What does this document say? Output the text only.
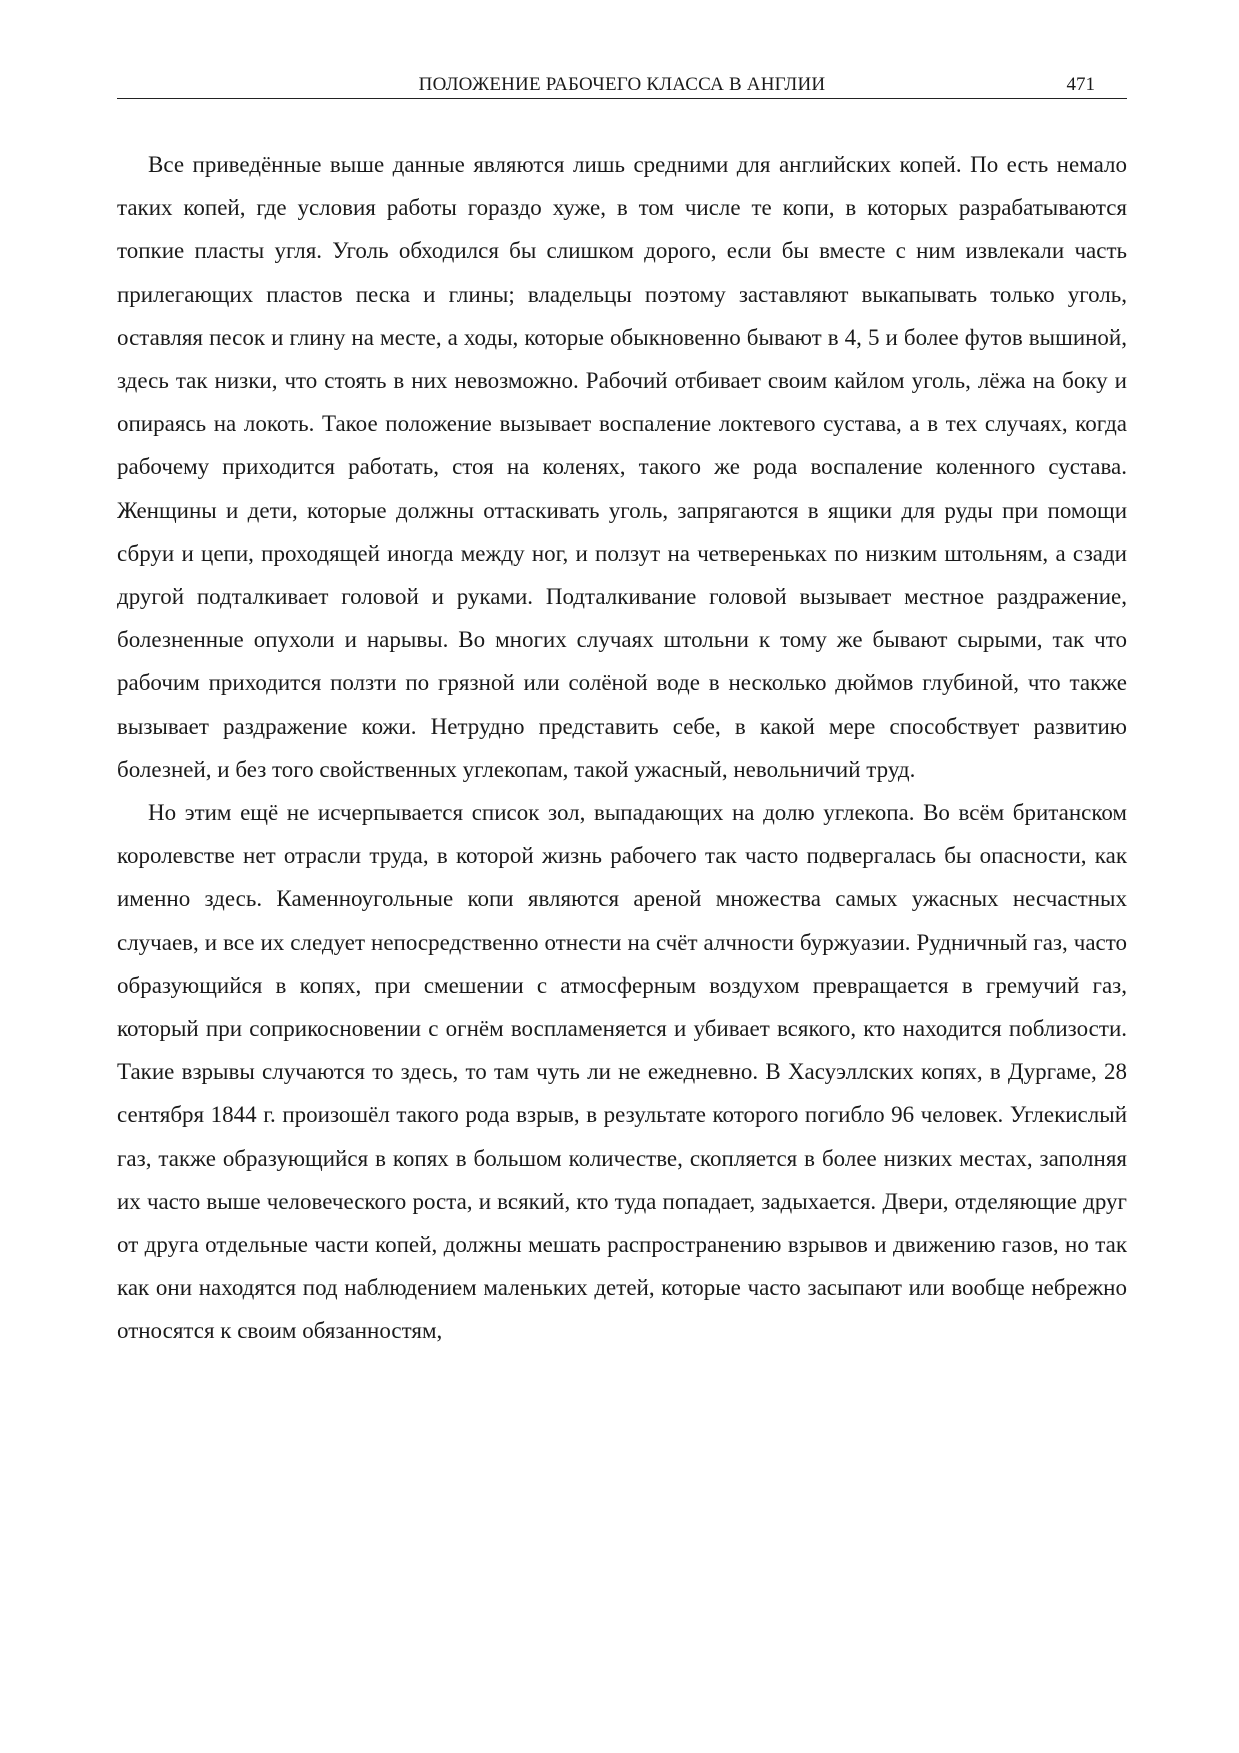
ПОЛОЖЕНИЕ РАБОЧЕГО КЛАССА В АНГЛИИ	471

Все приведённые выше данные являются лишь средними для английских копей. По есть немало таких копей, где условия работы гораздо хуже, в том числе те копи, в которых разрабатываются топкие пласты угля. Уголь обходился бы слишком дорого, если бы вместе с ним извлекали часть прилегающих пластов песка и глины; владельцы поэтому заставляют выкапывать только уголь, оставляя песок и глину на месте, а ходы, которые обыкновенно бывают в 4, 5 и более футов вышиной, здесь так низки, что стоять в них невозможно. Рабочий отбивает своим кайлом уголь, лёжа на боку и опираясь на локоть. Такое положение вызывает воспаление локтевого сустава, а в тех случаях, когда рабочему приходится работать, стоя на коленях, такого же рода воспаление коленного сустава. Женщины и дети, которые должны оттаскивать уголь, запрягаются в ящики для руды при помощи сбруи и цепи, проходящей иногда между ног, и ползут на четвереньках по низким штольням, а сзади другой подталкивает головой и руками. Подталкивание головой вызывает местное раздражение, болезненные опухоли и нарывы. Во многих случаях штольни к тому же бывают сырыми, так что рабочим приходится ползти по грязной или солёной воде в несколько дюймов глубиной, что также вызывает раздражение кожи. Нетрудно представить себе, в какой мере способствует развитию болезней, и без того свойственных углекопам, такой ужасный, невольничий труд.

Но этим ещё не исчерпывается список зол, выпадающих на долю углекопа. Во всём британском королевстве нет отрасли труда, в которой жизнь рабочего так часто подвергалась бы опасности, как именно здесь. Каменноугольные копи являются ареной множества самых ужасных несчастных случаев, и все их следует непосредственно отнести на счёт алчности буржуазии. Рудничный газ, часто образующийся в копях, при смешении с атмосферным воздухом превращается в гремучий газ, который при соприкосновении с огнём воспламеняется и убивает всякого, кто находится поблизости. Такие взрывы случаются то здесь, то там чуть ли не ежедневно. В Хасуэллских копях, в Дургаме, 28 сентября 1844 г. произошёл такого рода взрыв, в результате которого погибло 96 человек. Углекислый газ, также образующийся в копях в большом количестве, скопляется в более низких местах, заполняя их часто выше человеческого роста, и всякий, кто туда попадает, задыхается. Двери, отделяющие друг от друга отдельные части копей, должны мешать распространению взрывов и движению газов, но так как они находятся под наблюдением маленьких детей, которые часто засыпают или вообще небрежно относятся к своим обязанностям,
